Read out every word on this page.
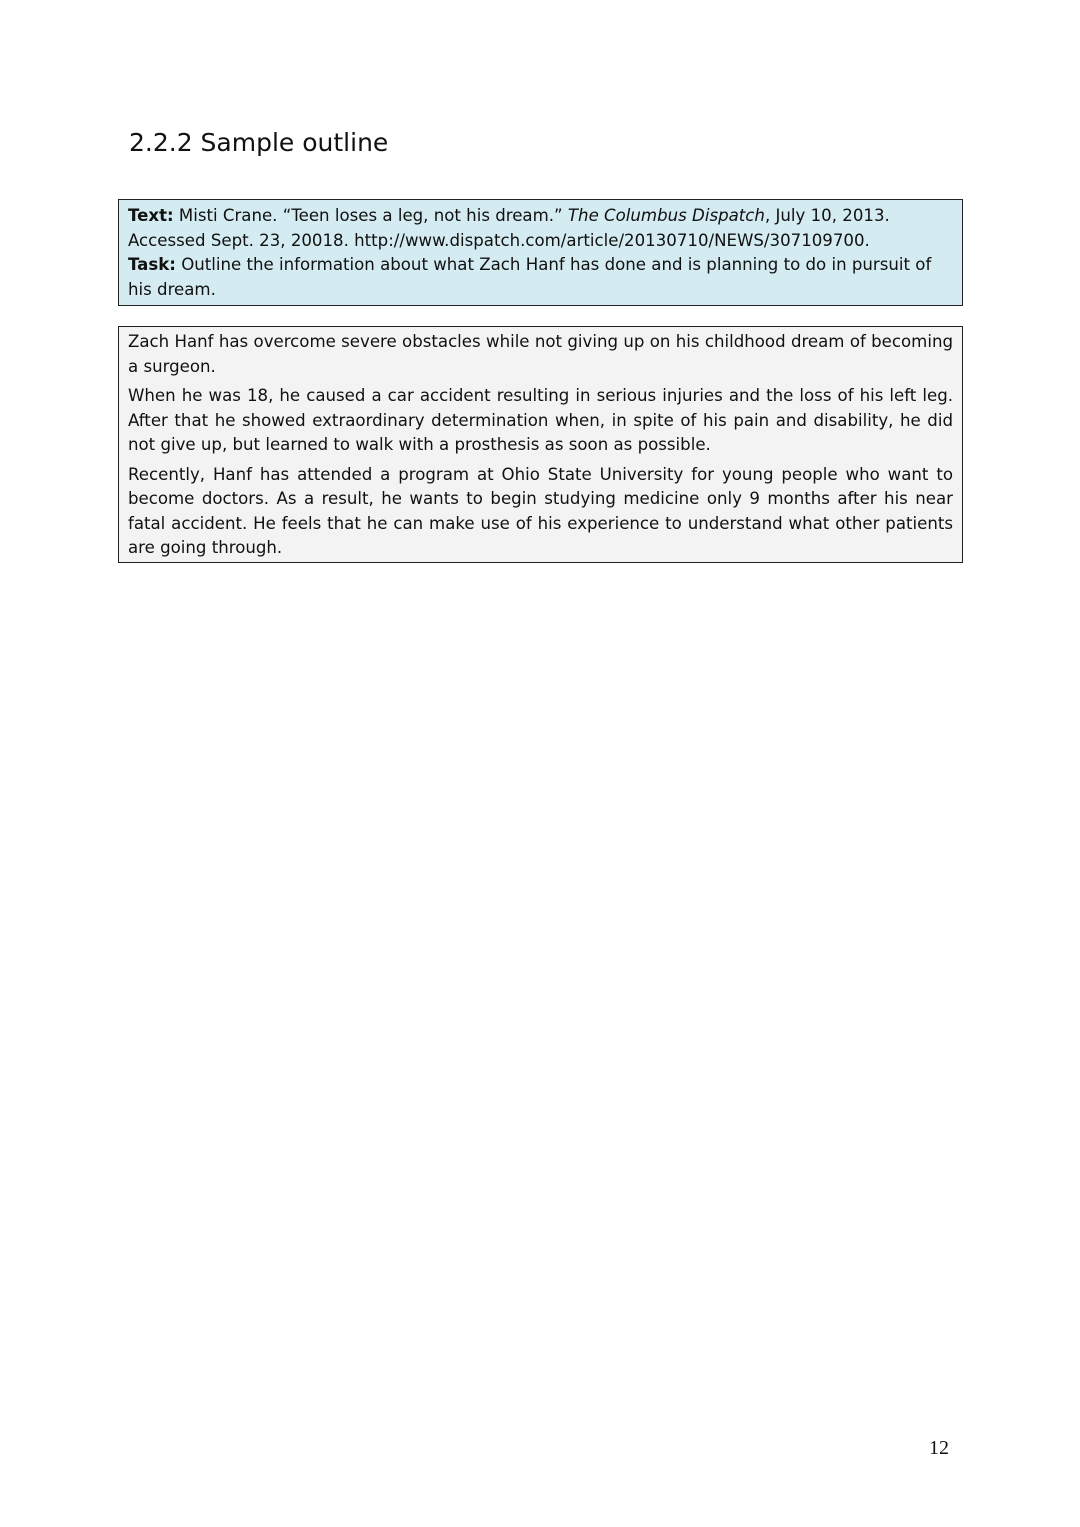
2.2.2 Sample outline

Text: Misti Crane. “Teen loses a leg, not his dream.” The Columbus Dispatch, July 10, 2013. Accessed Sept. 23, 20018. http://www.dispatch.com/article/20130710/NEWS/307109700.

Task: Outline the information about what Zach Hanf has done and is planning to do in pursuit of his dream.

Zach Hanf has overcome severe obstacles while not giving up on his childhood dream of becoming a surgeon.

When he was 18, he caused a car accident resulting in serious injuries and the loss of his left leg. After that he showed extraordinary determination when, in spite of his pain and disability, he did not give up, but learned to walk with a prosthesis as soon as possible.

Recently, Hanf has attended a program at Ohio State University for young people who want to become doctors. As a result, he wants to begin studying medicine only 9 months after his near fatal accident. He feels that he can make use of his experience to understand what other patients are going through.

12
